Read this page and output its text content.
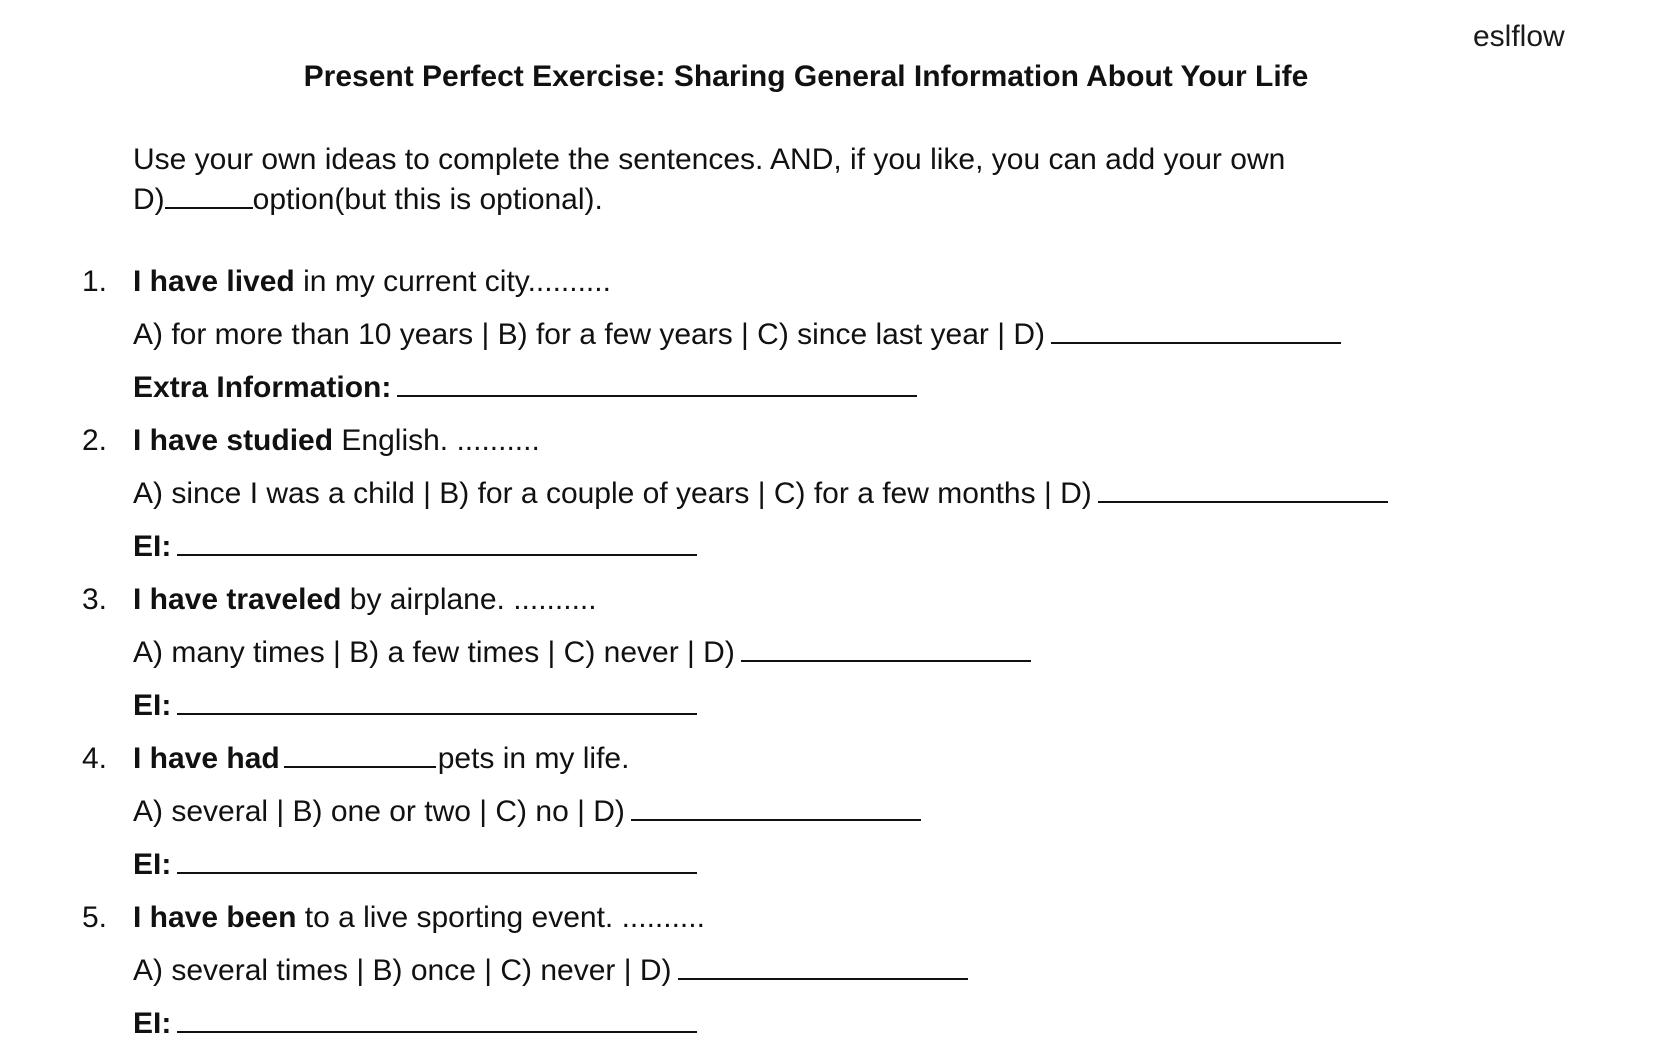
eslflow
Present Perfect Exercise: Sharing General Information About Your Life

Use your own ideas to complete the sentences. AND, if you like, you can add your own
D)	option(but this is optional).

1. I have lived in my current city..........
A) for more than 10 years | B) for a few years | C) since last year | D)
Extra Information:
2. I have studied English. ..........
A) since I was a child | B) for a couple of years | C) for a few months | D)
EI:
3. I have traveled by airplane. ..........
A) many times | B) a few times | C) never | D)
EI:
4. I have had	pets in my life.
A) several | B) one or two | C) no | D)
EI:
5. I have been to a live sporting event. ..........
A) several times | B) once | C) never | D)
EI:
